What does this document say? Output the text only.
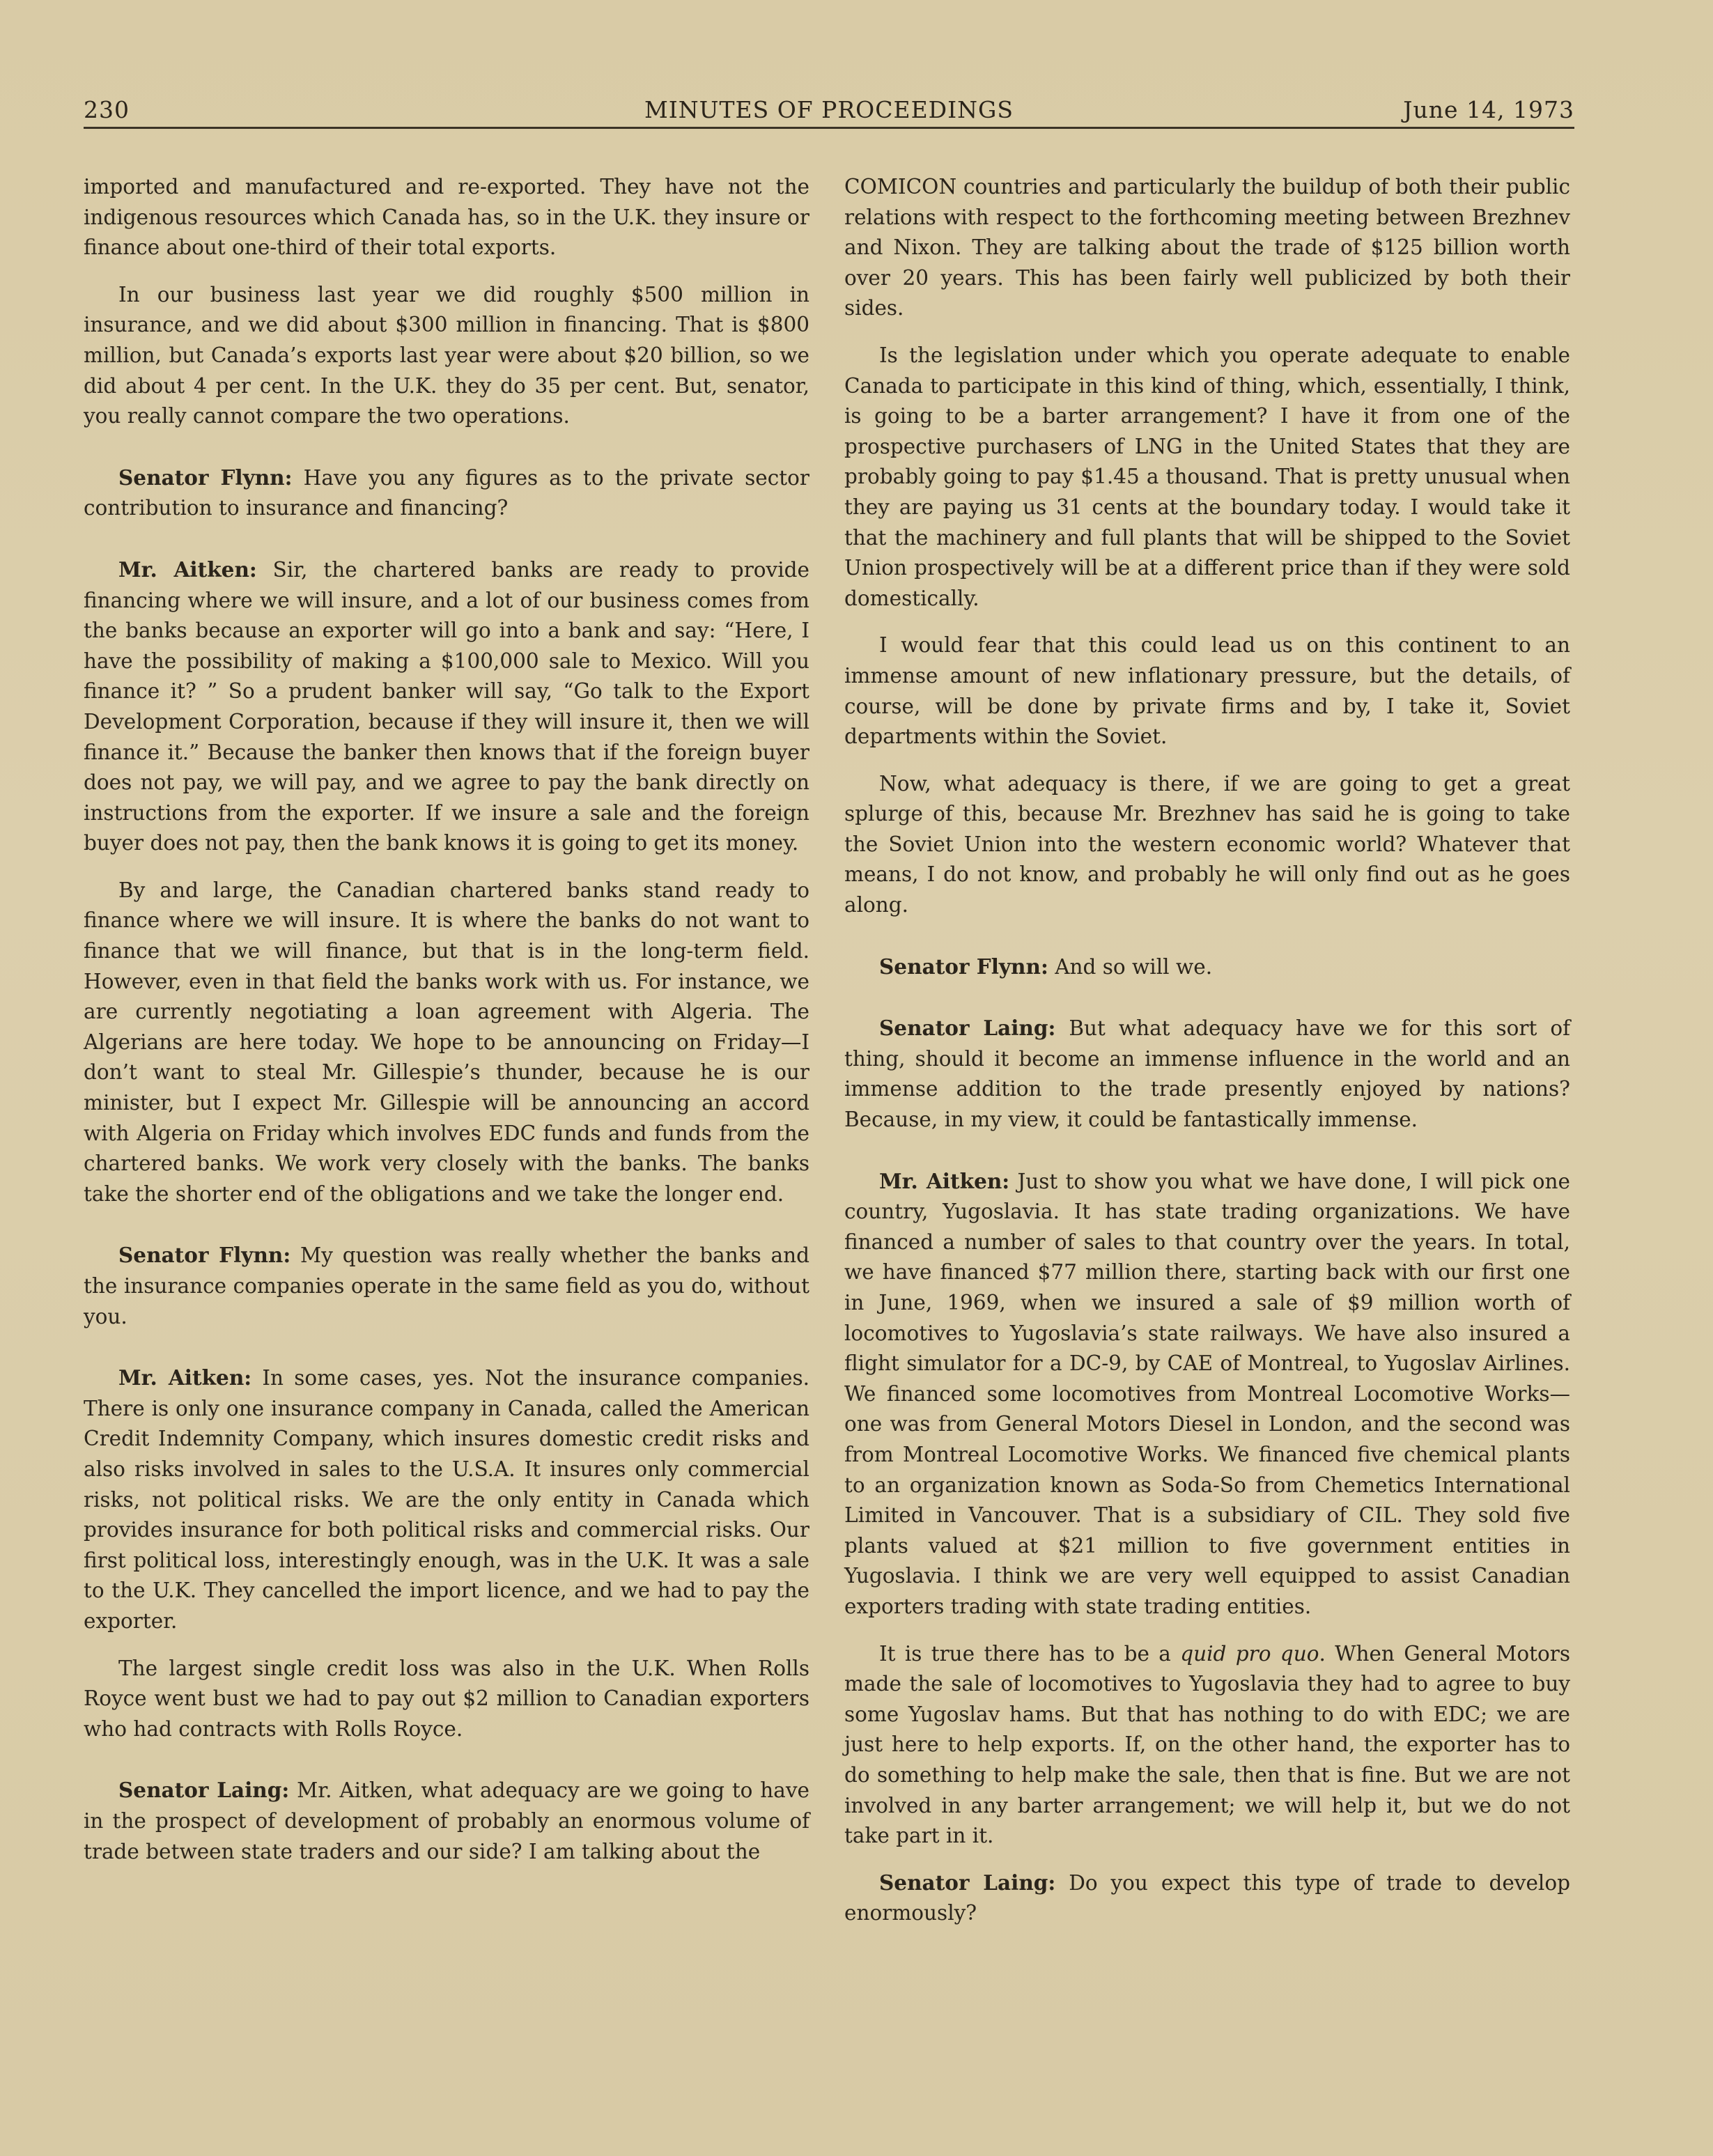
230	MINUTES OF PROCEEDINGS	June 14, 1973

imported and manufactured and re-exported. They have not the indigenous resources which Canada has, so in the U.K. they insure or finance about one-third of their total exports.

In our business last year we did roughly $500 million in insurance, and we did about $300 million in financing. That is $800 million, but Canada’s exports last year were about $20 billion, so we did about 4 per cent. In the U.K. they do 35 per cent. But, senator, you really cannot compare the two operations.

Senator Flynn: Have you any figures as to the private sector contribution to insurance and financing?

Mr. Aitken: Sir, the chartered banks are ready to provide financing where we will insure, and a lot of our business comes from the banks because an exporter will go into a bank and say: “Here, I have the possibility of making a $100,000 sale to Mexico. Will you finance it? ” So a prudent banker will say, “Go talk to the Export Development Corporation, because if they will insure it, then we will finance it.” Because the banker then knows that if the foreign buyer does not pay, we will pay, and we agree to pay the bank directly on instructions from the exporter. If we insure a sale and the foreign buyer does not pay, then the bank knows it is going to get its money.

By and large, the Canadian chartered banks stand ready to finance where we will insure. It is where the banks do not want to finance that we will finance, but that is in the long-term field. However, even in that field the banks work with us. For instance, we are currently negotiating a loan agreement with Algeria. The Algerians are here today. We hope to be announcing on Friday—I don’t want to steal Mr. Gillespie’s thunder, because he is our minister, but I expect Mr. Gillespie will be announcing an accord with Algeria on Friday which involves EDC funds and funds from the chartered banks. We work very closely with the banks. The banks take the shorter end of the obligations and we take the longer end.

Senator Flynn: My question was really whether the banks and the insurance companies operate in the same field as you do, without you.

Mr. Aitken: In some cases, yes. Not the insurance companies. There is only one insurance company in Canada, called the American Credit Indemnity Company, which insures domestic credit risks and also risks involved in sales to the U.S.A. It insures only commercial risks, not political risks. We are the only entity in Canada which provides insurance for both political risks and commercial risks. Our first political loss, interestingly enough, was in the U.K. It was a sale to the U.K. They cancelled the import licence, and we had to pay the exporter.

The largest single credit loss was also in the U.K. When Rolls Royce went bust we had to pay out $2 million to Canadian exporters who had contracts with Rolls Royce.

Senator Laing: Mr. Aitken, what adequacy are we going to have in the prospect of development of probably an enormous volume of trade between state traders and our side? I am talking about the

COMICON countries and particularly the buildup of both their public relations with respect to the forthcoming meeting between Brezhnev and Nixon. They are talking about the trade of $125 billion worth over 20 years. This has been fairly well publicized by both their sides.

Is the legislation under which you operate adequate to enable Canada to participate in this kind of thing, which, essentially, I think, is going to be a barter arrangement? I have it from one of the prospective purchasers of LNG in the United States that they are probably going to pay $1.45 a thousand. That is pretty unusual when they are paying us 31 cents at the boundary today. I would take it that the machinery and full plants that will be shipped to the Soviet Union prospectively will be at a different price than if they were sold domestically.

I would fear that this could lead us on this continent to an immense amount of new inflationary pressure, but the details, of course, will be done by private firms and by, I take it, Soviet departments within the Soviet.

Now, what adequacy is there, if we are going to get a great splurge of this, because Mr. Brezhnev has said he is going to take the Soviet Union into the western economic world? Whatever that means, I do not know, and probably he will only find out as he goes along.

Senator Flynn: And so will we.

Senator Laing: But what adequacy have we for this sort of thing, should it become an immense influence in the world and an immense addition to the trade presently enjoyed by nations? Because, in my view, it could be fantastically immense.

Mr. Aitken: Just to show you what we have done, I will pick one country, Yugoslavia. It has state trading organizations. We have financed a number of sales to that country over the years. In total, we have financed $77 million there, starting back with our first one in June, 1969, when we insured a sale of $9 million worth of locomotives to Yugoslavia’s state railways. We have also insured a flight simulator for a DC-9, by CAE of Montreal, to Yugoslav Airlines. We financed some locomotives from Montreal Locomotive Works—one was from General Motors Diesel in London, and the second was from Montreal Locomotive Works. We financed five chemical plants to an organization known as Soda-So from Chemetics International Limited in Vancouver. That is a subsidiary of CIL. They sold five plants valued at $21 million to five government entities in Yugoslavia. I think we are very well equipped to assist Canadian exporters trading with state trading entities.

It is true there has to be a quid pro quo. When General Motors made the sale of locomotives to Yugoslavia they had to agree to buy some Yugoslav hams. But that has nothing to do with EDC; we are just here to help exports. If, on the other hand, the exporter has to do something to help make the sale, then that is fine. But we are not involved in any barter arrangement; we will help it, but we do not take part in it.

Senator Laing: Do you expect this type of trade to develop enormously?
